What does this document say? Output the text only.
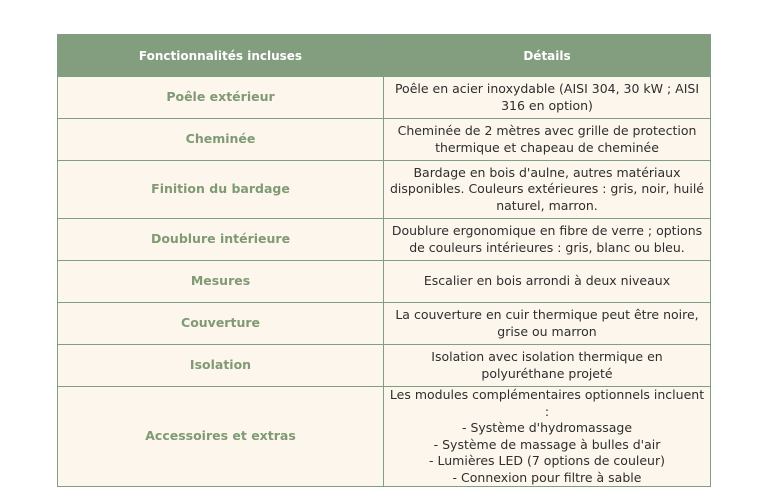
Fonctionnalités incluses	Détails
Poêle extérieur	Poêle en acier inoxydable (AISI 304, 30 kW ; AISI 316 en option)
Cheminée	Cheminée de 2 mètres avec grille de protection thermique et chapeau de cheminée
Finition du bardage	Bardage en bois d'aulne, autres matériaux disponibles. Couleurs extérieures : gris, noir, huilé naturel, marron.
Doublure intérieure	Doublure ergonomique en fibre de verre ; options de couleurs intérieures : gris, blanc ou bleu.
Mesures	Escalier en bois arrondi à deux niveaux
Couverture	La couverture en cuir thermique peut être noire, grise ou marron
Isolation	Isolation avec isolation thermique en polyuréthane projeté
Accessoires et extras	Les modules complémentaires optionnels incluent :
- Système d'hydromassage
- Système de massage à bulles d'air
- Lumières LED (7 options de couleur)
- Connexion pour filtre à sable
